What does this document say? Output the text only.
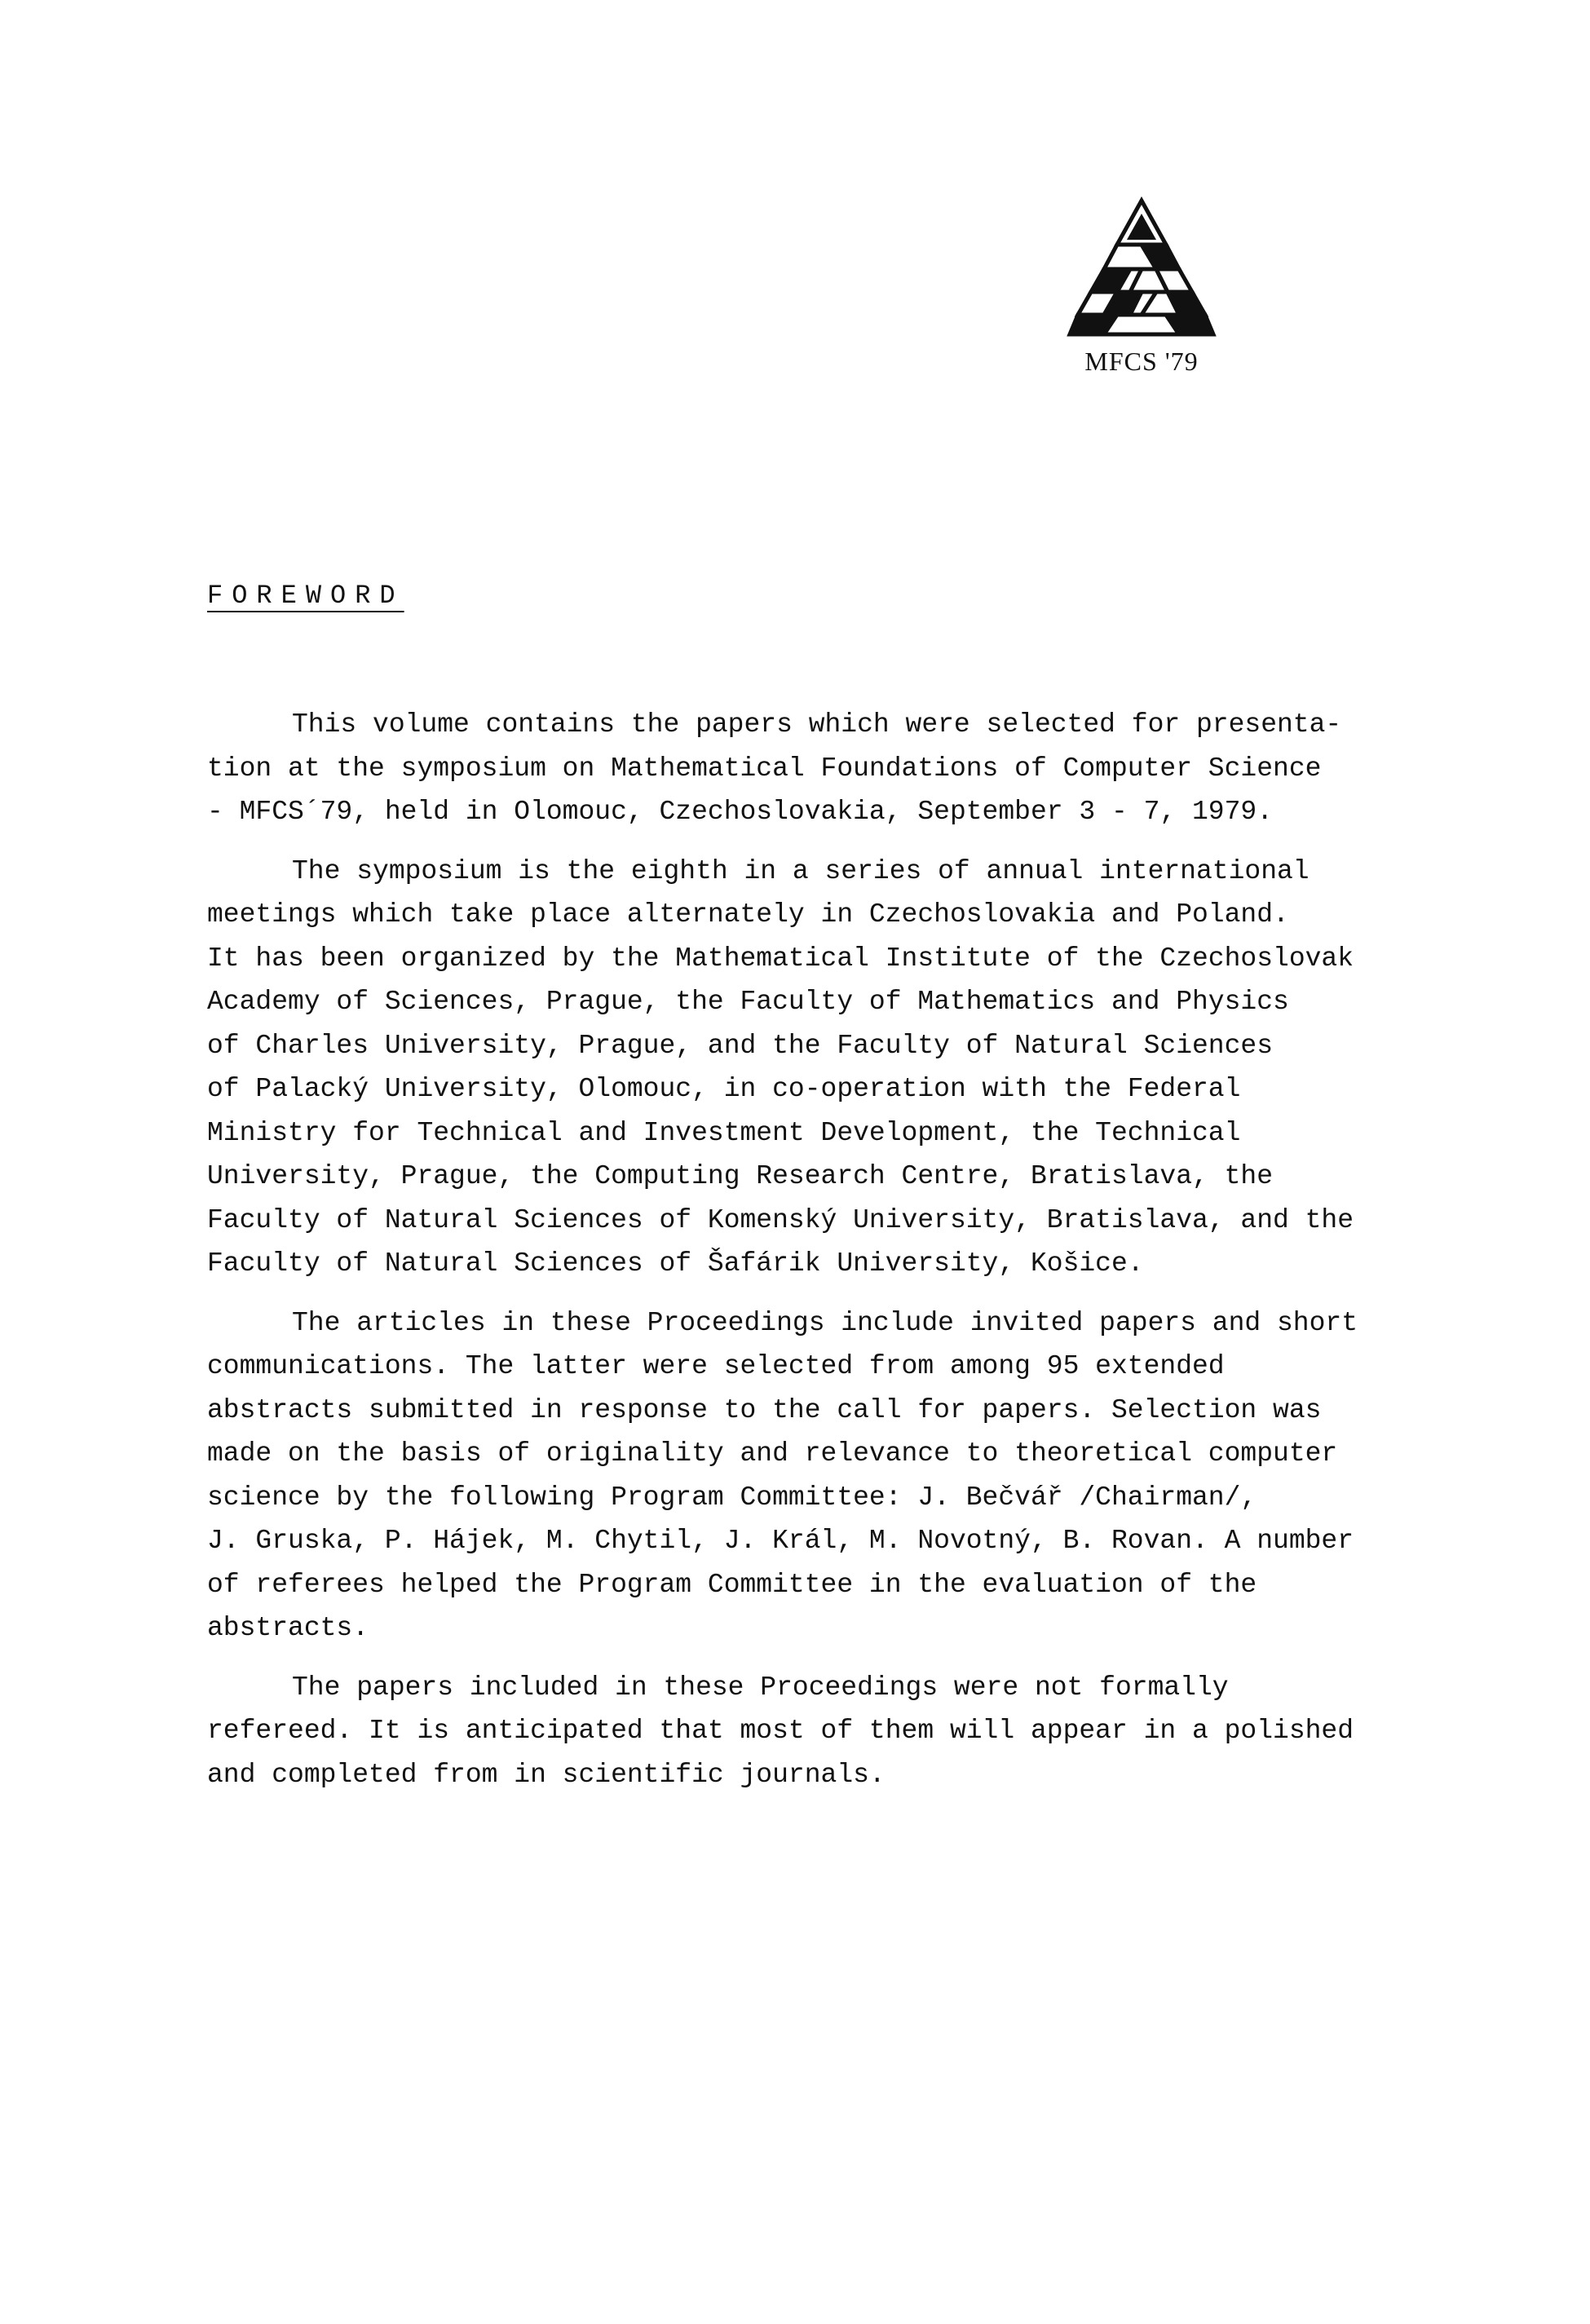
MFCS '79
FOREWORD
This volume contains the papers which were selected for presenta-
tion at the symposium on Mathematical Foundations of Computer Science
- MFCS´79, held in Olomouc, Czechoslovakia, September 3 - 7, 1979.
The symposium is the eighth in a series of annual international
meetings which take place alternately in Czechoslovakia and Poland.
It has been organized by the Mathematical Institute of the Czechoslovak
Academy of Sciences, Prague, the Faculty of Mathematics and Physics
of Charles University, Prague, and the Faculty of Natural Sciences
of Palacký University, Olomouc, in co-operation with the Federal
Ministry for Technical and Investment Development, the Technical
University, Prague, the Computing Research Centre, Bratislava, the
Faculty of Natural Sciences of Komenský University, Bratislava, and the
Faculty of Natural Sciences of Šafárik University, Košice.
The articles in these Proceedings include invited papers and short
communications. The latter were selected from among 95 extended
abstracts submitted in response to the call for papers. Selection was
made on the basis of originality and relevance to theoretical computer
science by the following Program Committee: J. Bečvář /Chairman/,
J. Gruska, P. Hájek, M. Chytil, J. Král, M. Novotný, B. Rovan. A number
of referees helped the Program Committee in the evaluation of the
abstracts.
The papers included in these Proceedings were not formally
refereed. It is anticipated that most of them will appear in a polished
and completed from in scientific journals.
